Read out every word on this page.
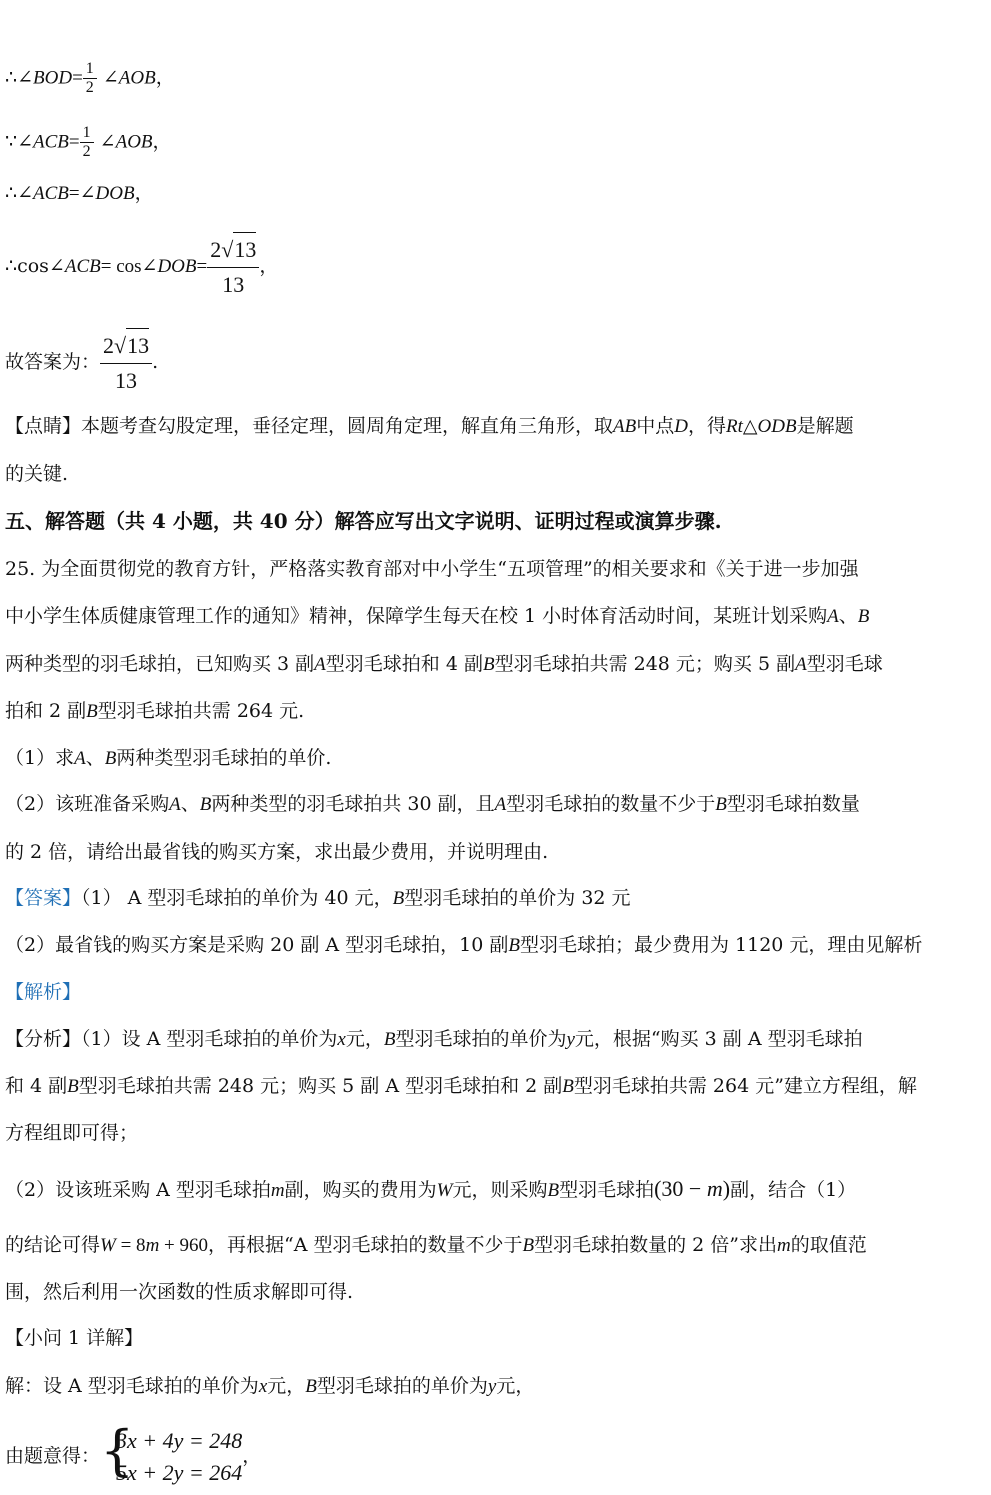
∴∠BOD= $\frac{1}{2}$ ∠AOB，
∵∠ACB= $\frac{1}{2}$ ∠AOB，
∴∠ACB=∠DOB，
∴cos∠ACB= cos∠DOB= $\frac{2√13}{13}$ ，
故答案为： $\frac{2√13}{13}$ .
【点睛】本题考查勾股定理，垂径定理，圆周角定理，解直角三角形，取AB中点D，得Rt△ODB是解题
的关键.
五、解答题（共 4 小题，共 40 分）解答应写出文字说明、证明过程或演算步骤.
25. 为全面贯彻党的教育方针，严格落实教育部对中小学生“五项管理”的相关要求和《关于进一步加强
中小学生体质健康管理工作的通知》精神，保障学生每天在校 1 小时体育活动时间，某班计划采购A、B
两种类型的羽毛球拍，已知购买 3 副A型羽毛球拍和 4 副B型羽毛球拍共需 248 元；购买 5 副A型羽毛球
拍和 2 副B型羽毛球拍共需 264 元.
（1）求A、B两种类型羽毛球拍的单价.
（2）该班准备采购A、B两种类型的羽毛球拍共 30 副，且A型羽毛球拍的数量不少于B型羽毛球拍数量
的 2 倍，请给出最省钱的购买方案，求出最少费用，并说明理由.
【答案】（1） A 型羽毛球拍的单价为 40 元，B型羽毛球拍的单价为 32 元
（2）最省钱的购买方案是采购 20 副 A 型羽毛球拍，10 副B型羽毛球拍；最少费用为 1120 元，理由见解析
【解析】
【分析】（1）设 A 型羽毛球拍的单价为x元，B型羽毛球拍的单价为y元，根据“购买 3 副 A 型羽毛球拍
和 4 副B型羽毛球拍共需 248 元；购买 5 副 A 型羽毛球拍和 2 副B型羽毛球拍共需 264 元”建立方程组，解
方程组即可得；
（2）设该班采购 A 型羽毛球拍m副，购买的费用为W元，则采购B型羽毛球拍(30 − m)副，结合（1）
的结论可得W = 8m + 960，再根据“A 型羽毛球拍的数量不少于B型羽毛球拍数量的 2 倍”求出m的取值范
围，然后利用一次函数的性质求解即可得.
【小问 1 详解】
解：设 A 型羽毛球拍的单价为x元，B型羽毛球拍的单价为y元，
由题意得： {
3x + 4y = 248
5x + 2y = 264
，
